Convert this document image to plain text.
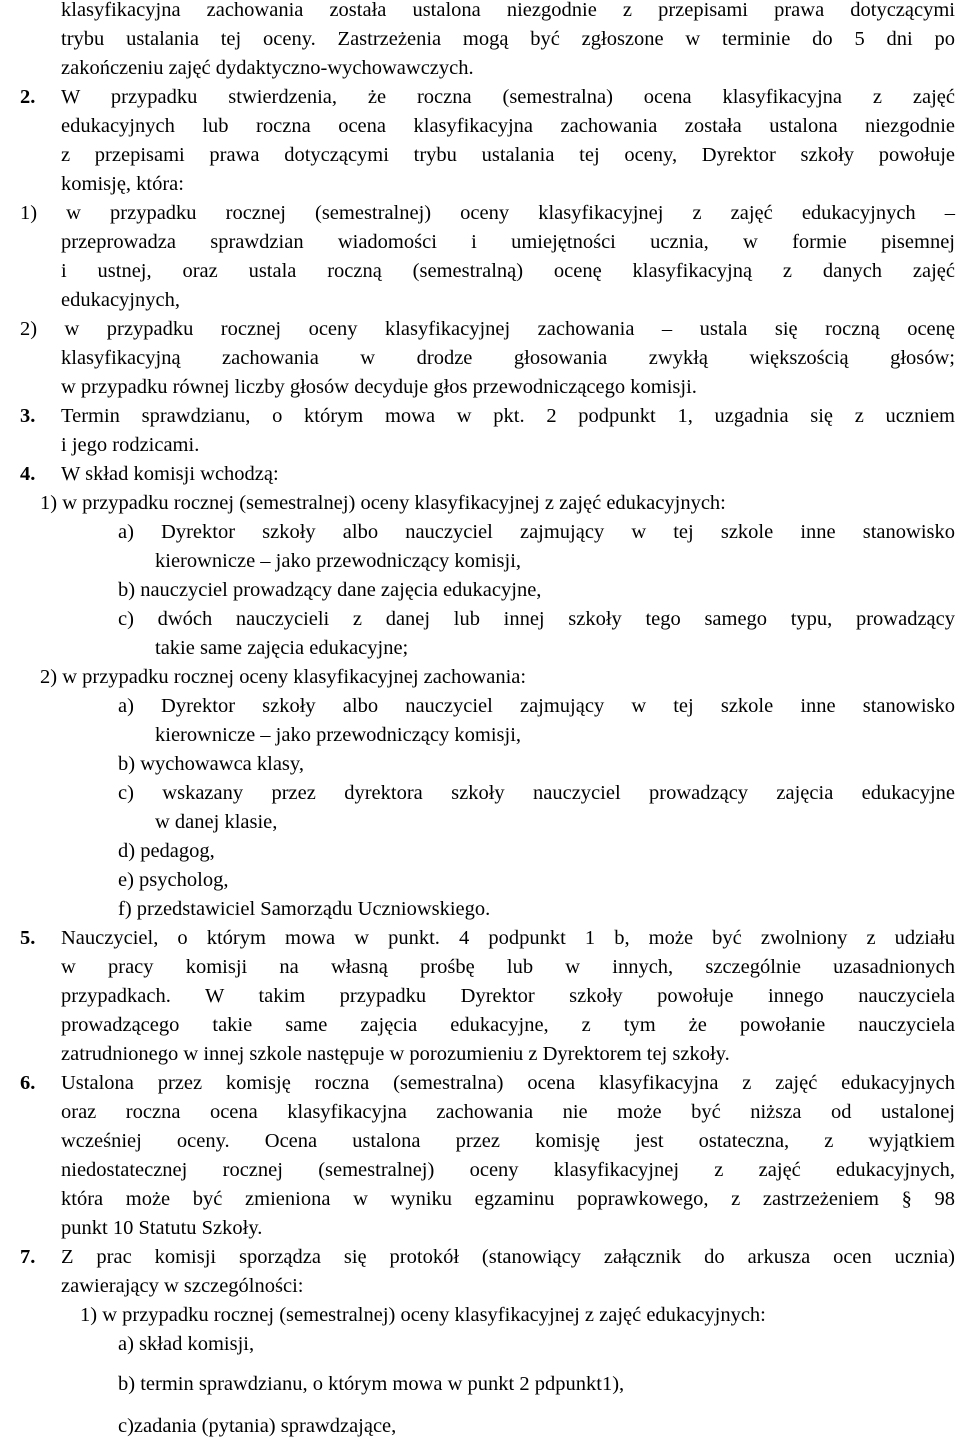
klasyfikacyjna zachowania została ustalona niezgodnie z przepisami prawa dotyczącymi
trybu ustalania tej oceny. Zastrzeżenia mogą być zgłoszone w terminie do 5 dni po
zakończeniu zajęć dydaktyczno-wychowawczych.
W przypadku stwierdzenia, że roczna (semestralna) ocena klasyfikacyjna z zajęć
edukacyjnych lub roczna ocena klasyfikacyjna zachowania została ustalona niezgodnie
z przepisami prawa dotyczącymi trybu ustalania tej oceny, Dyrektor szkoły powołuje
komisję, która:
1) w przypadku rocznej (semestralnej) oceny klasyfikacyjnej z zajęć edukacyjnych –
przeprowadza sprawdzian wiadomości i umiejętności ucznia, w formie pisemnej
i ustnej, oraz ustala roczną (semestralną) ocenę klasyfikacyjną z danych zajęć
edukacyjnych,
2) w przypadku rocznej oceny klasyfikacyjnej zachowania – ustala się roczną ocenę
klasyfikacyjną zachowania w drodze głosowania zwykłą większością głosów;
w przypadku równej liczby głosów decyduje głos przewodniczącego komisji.
Termin sprawdzianu, o którym mowa w pkt. 2 podpunkt 1, uzgadnia się z uczniem
i jego rodzicami.
W skład komisji wchodzą:
1) w przypadku rocznej (semestralnej) oceny klasyfikacyjnej z zajęć edukacyjnych:
a) Dyrektor szkoły albo nauczyciel zajmujący w tej szkole inne stanowisko
kierownicze – jako przewodniczący komisji,
b) nauczyciel prowadzący dane zajęcia edukacyjne,
c) dwóch nauczycieli z danej lub innej szkoły tego samego typu, prowadzący
takie same zajęcia edukacyjne;
2) w przypadku rocznej oceny klasyfikacyjnej zachowania:
a) Dyrektor szkoły albo nauczyciel zajmujący w tej szkole inne stanowisko
kierownicze – jako przewodniczący komisji,
b) wychowawca klasy,
c) wskazany przez dyrektora szkoły nauczyciel prowadzący zajęcia edukacyjne
w danej klasie,
d) pedagog,
e) psycholog,
f) przedstawiciel Samorządu Uczniowskiego.
Nauczyciel, o którym mowa w punkt. 4 podpunkt 1 b, może być zwolniony z udziału
w pracy komisji na własną prośbę lub w innych, szczególnie uzasadnionych
przypadkach. W takim przypadku Dyrektor szkoły powołuje innego nauczyciela
prowadzącego takie same zajęcia edukacyjne, z tym że powołanie nauczyciela
zatrudnionego w innej szkole następuje w porozumieniu z Dyrektorem tej szkoły.
Ustalona przez komisję roczna (semestralna) ocena klasyfikacyjna z zajęć edukacyjnych
oraz roczna ocena klasyfikacyjna zachowania nie może być niższa od ustalonej
wcześniej oceny. Ocena ustalona przez komisję jest ostateczna, z wyjątkiem
niedostatecznej rocznej (semestralnej) oceny klasyfikacyjnej z zajęć edukacyjnych,
która może być zmieniona w wyniku egzaminu poprawkowego, z zastrzeżeniem § 98
punkt 10 Statutu Szkoły.
Z prac komisji sporządza się protokół (stanowiący załącznik do arkusza ocen ucznia)
zawierający w szczególności:
1) w przypadku rocznej (semestralnej) oceny klasyfikacyjnej z zajęć edukacyjnych:
a) skład komisji,
b) termin sprawdzianu, o którym mowa w punkt 2 pdpunkt1),
c)zadania (pytania) sprawdzające,
2.
3.
4.
5.
6.
7.
